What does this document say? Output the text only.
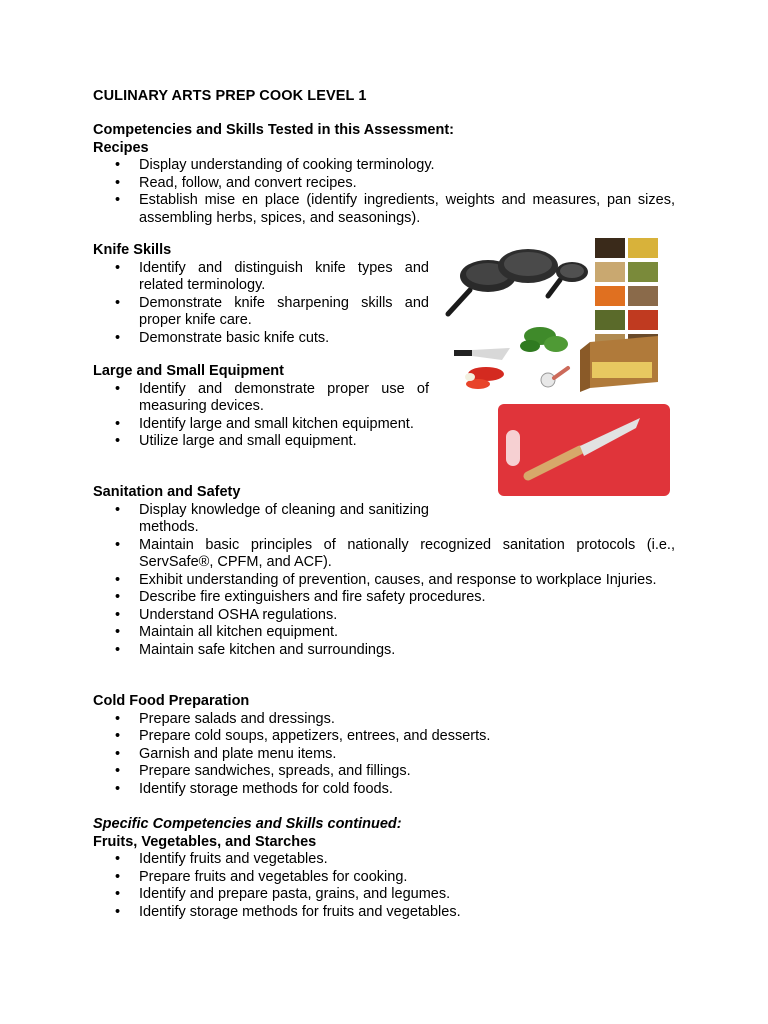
CULINARY ARTS PREP COOK LEVEL 1

Competencies and Skills Tested in this Assessment:

Recipes

• Display understanding of cooking terminology.
• Read, follow, and convert recipes.
• Establish mise en place (identify ingredients, weights and measures, pan sizes, assembling herbs, spices, and seasonings).

Knife Skills

• Identify and distinguish knife types and related terminology.
• Demonstrate knife sharpening skills and proper knife care.
• Demonstrate basic knife cuts.

Large and Small Equipment

• Identify and demonstrate proper use of measuring devices.
• Identify large and small kitchen equipment.
• Utilize large and small equipment.

Sanitation and Safety

• Display knowledge of cleaning and sanitizing methods.
• Maintain basic principles of nationally recognized sanitation protocols (i.e., ServSafe®, CPFM, and ACF).
• Exhibit understanding of prevention, causes, and response to workplace Injuries.
• Describe fire extinguishers and fire safety procedures.
• Understand OSHA regulations.
• Maintain all kitchen equipment.
• Maintain safe kitchen and surroundings.

Cold Food Preparation

• Prepare salads and dressings.
• Prepare cold soups, appetizers, entrees, and desserts.
• Garnish and plate menu items.
• Prepare sandwiches, spreads, and fillings.
• Identify storage methods for cold foods.

Specific Competencies and Skills continued:

Fruits, Vegetables, and Starches

• Identify fruits and vegetables.
• Prepare fruits and vegetables for cooking.
• Identify and prepare pasta, grains, and legumes.
• Identify storage methods for fruits and vegetables.
